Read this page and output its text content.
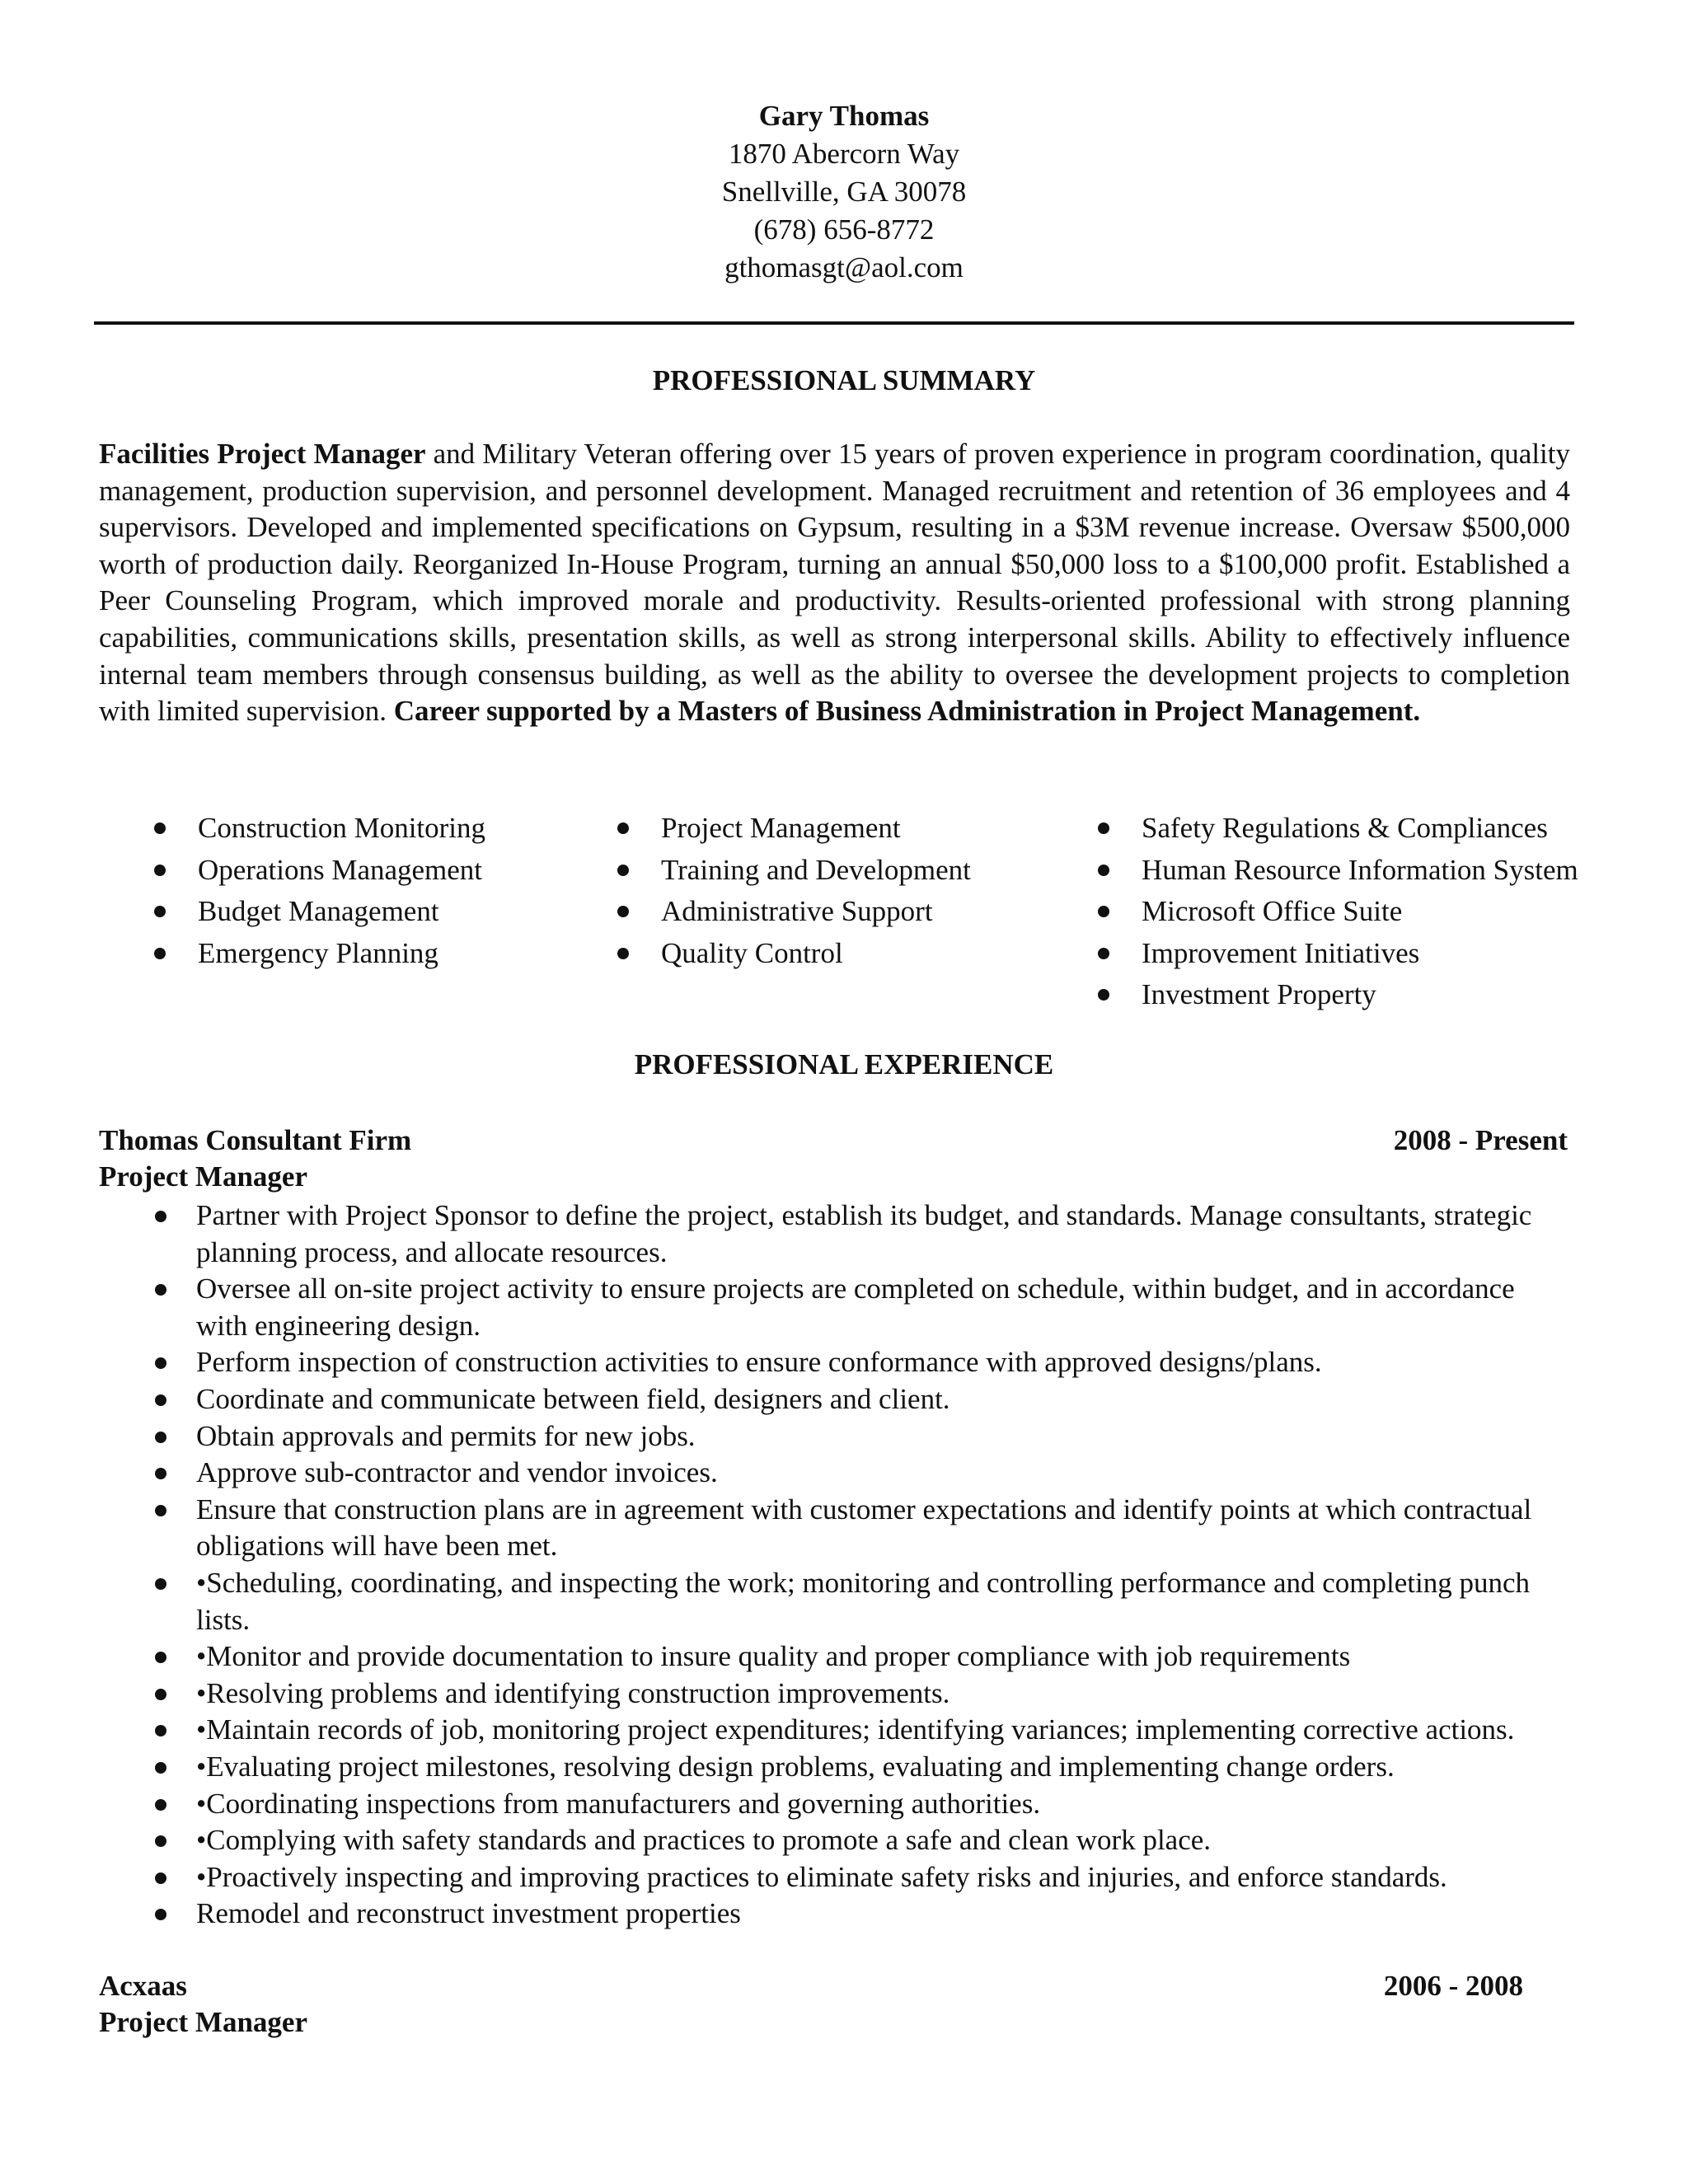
Gary Thomas
1870 Abercorn Way
Snellville, GA 30078
(678) 656-8772
gthomasgt@aol.com
PROFESSIONAL SUMMARY
Facilities Project Manager and Military Veteran offering over 15 years of proven experience in program coordination, quality management, production supervision, and personnel development. Managed recruitment and retention of 36 employees and 4 supervisors. Developed and implemented specifications on Gypsum, resulting in a $3M revenue increase. Oversaw $500,000 worth of production daily. Reorganized In-House Program, turning an annual $50,000 loss to a $100,000 profit. Established a Peer Counseling Program, which improved morale and productivity. Results-oriented professional with strong planning capabilities, communications skills, presentation skills, as well as strong interpersonal skills. Ability to effectively influence internal team members through consensus building, as well as the ability to oversee the development projects to completion with limited supervision. Career supported by a Masters of Business Administration in Project Management.
Construction Monitoring
Operations Management
Budget Management
Emergency Planning
Project Management
Training and Development
Administrative Support
Quality Control
Safety Regulations & Compliances
Human Resource Information System
Microsoft Office Suite
Improvement Initiatives
Investment Property
PROFESSIONAL EXPERIENCE
Thomas Consultant Firm	2008 - Present
Project Manager
Partner with Project Sponsor to define the project, establish its budget, and standards. Manage consultants, strategic planning process, and allocate resources.
Oversee all on-site project activity to ensure projects are completed on schedule, within budget, and in accordance with engineering design.
Perform inspection of construction activities to ensure conformance with approved designs/plans.
Coordinate and communicate between field, designers and client.
Obtain approvals and permits for new jobs.
Approve sub-contractor and vendor invoices.
Ensure that construction plans are in agreement with customer expectations and identify points at which contractual obligations will have been met.
•Scheduling, coordinating, and inspecting the work; monitoring and controlling performance and completing punch lists.
•Monitor and provide documentation to insure quality and proper compliance with job requirements
•Resolving problems and identifying construction improvements.
•Maintain records of job, monitoring project expenditures; identifying variances; implementing corrective actions.
•Evaluating project milestones, resolving design problems, evaluating and implementing change orders.
•Coordinating inspections from manufacturers and governing authorities.
•Complying with safety standards and practices to promote a safe and clean work place.
•Proactively inspecting and improving practices to eliminate safety risks and injuries, and enforce standards.
Remodel and reconstruct investment properties
Acxaas	2006 - 2008
Project Manager
